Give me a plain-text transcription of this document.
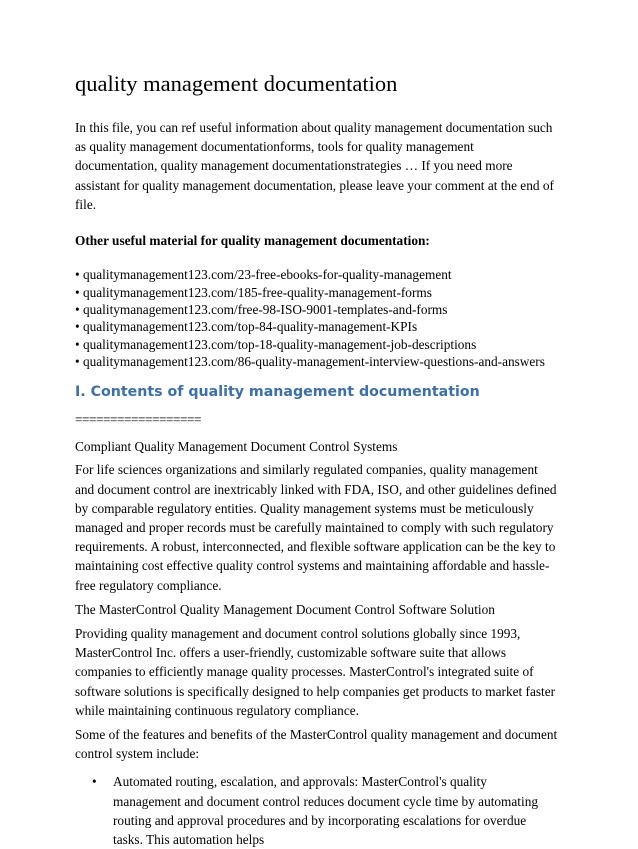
quality management documentation

In this file, you can ref useful information about quality management documentation such as quality management documentationforms, tools for quality management documentation, quality management documentationstrategies … If you need more assistant for quality management documentation, please leave your comment at the end of file.

Other useful material for quality management documentation:

• qualitymanagement123.com/23-free-ebooks-for-quality-management
• qualitymanagement123.com/185-free-quality-management-forms
• qualitymanagement123.com/free-98-ISO-9001-templates-and-forms
• qualitymanagement123.com/top-84-quality-management-KPIs
• qualitymanagement123.com/top-18-quality-management-job-descriptions
• qualitymanagement123.com/86-quality-management-interview-questions-and-answers
I. Contents of quality management documentation
==================

Compliant Quality Management Document Control Systems

For life sciences organizations and similarly regulated companies, quality management and document control are inextricably linked with FDA, ISO, and other guidelines defined by comparable regulatory entities. Quality management systems must be meticulously managed and proper records must be carefully maintained to comply with such regulatory requirements. A robust, interconnected, and flexible software application can be the key to maintaining cost effective quality control systems and maintaining affordable and hassle-free regulatory compliance.

The MasterControl Quality Management Document Control Software Solution

Providing quality management and document control solutions globally since 1993, MasterControl Inc. offers a user-friendly, customizable software suite that allows companies to efficiently manage quality processes. MasterControl's integrated suite of software solutions is specifically designed to help companies get products to market faster while maintaining continuous regulatory compliance.

Some of the features and benefits of the MasterControl quality management and document control system include:

• Automated routing, escalation, and approvals: MasterControl's quality management and document control reduces document cycle time by automating routing and approval procedures and by incorporating escalations for overdue tasks. This automation helps
